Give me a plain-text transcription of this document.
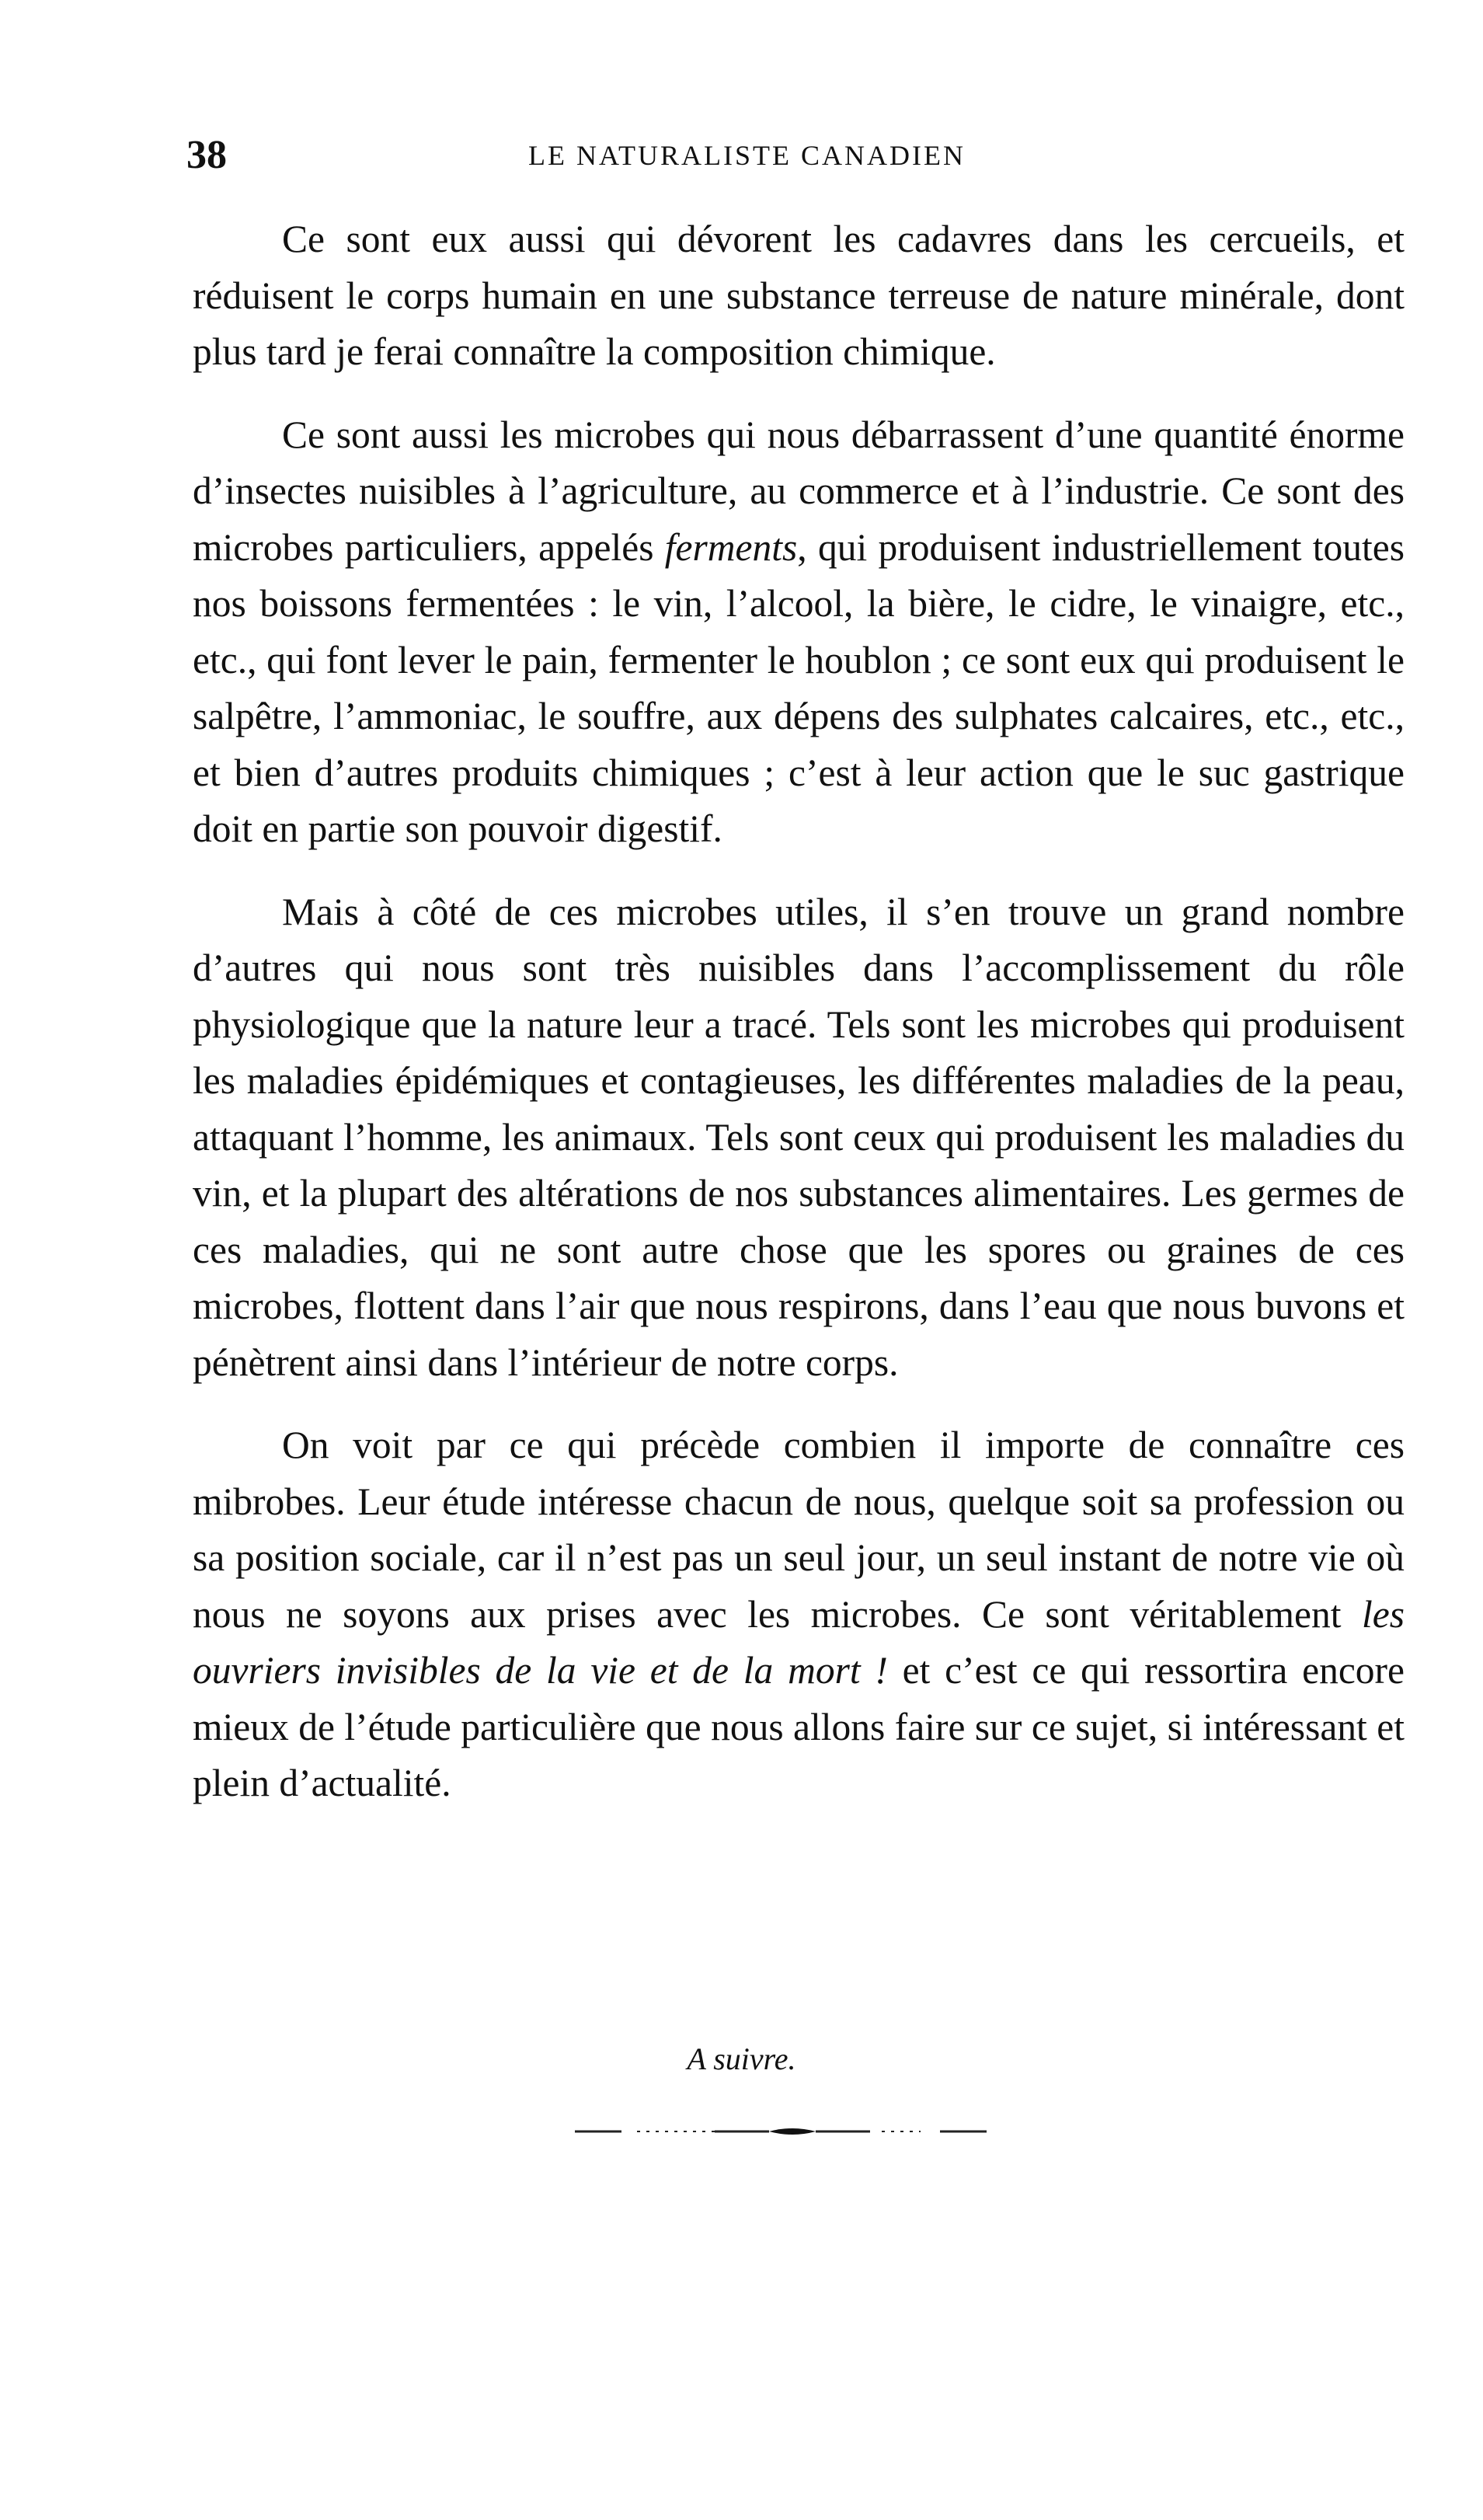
38	LE NATURALISTE CANADIEN

Ce sont eux aussi qui dévorent les cadavres dans les cercueils, et réduisent le corps humain en une substance terreuse de nature minérale, dont plus tard je ferai connaître la composition chimique.

Ce sont aussi les microbes qui nous débarrassent d’une quantité énorme d’insectes nuisibles à l’agriculture, au commerce et à l’industrie. Ce sont des microbes particuliers, appelés ferments, qui produisent industriellement toutes nos boissons fermentées : le vin, l’alcool, la bière, le cidre, le vinaigre, etc., etc., qui font lever le pain, fermenter le houblon ; ce sont eux qui produisent le salpêtre, l’ammoniac, le souffre, aux dépens des sulphates calcaires, etc., etc., et bien d’autres produits chimiques ; c’est à leur action que le suc gastrique doit en partie son pouvoir digestif.

Mais à côté de ces microbes utiles, il s’en trouve un grand nombre d’autres qui nous sont très nuisibles dans l’accomplissement du rôle physiologique que la nature leur a tracé. Tels sont les microbes qui produisent les maladies épidémiques et contagieuses, les différentes maladies de la peau, attaquant l’homme, les animaux. Tels sont ceux qui produisent les maladies du vin, et la plupart des altérations de nos substances alimentaires. Les germes de ces maladies, qui ne sont autre chose que les spores ou graines de ces microbes, flottent dans l’air que nous respirons, dans l’eau que nous buvons et pénètrent ainsi dans l’intérieur de notre corps.

On voit par ce qui précède combien il importe de connaître ces mibrobes. Leur étude intéresse chacun de nous, quelque soit sa profession ou sa position sociale, car il n’est pas un seul jour, un seul instant de notre vie où nous ne soyons aux prises avec les microbes. Ce sont véritablement les ouvriers invisibles de la vie et de la mort ! et c’est ce qui ressortira encore mieux de l’étude particulière que nous allons faire sur ce sujet, si intéressant et plein d’actualité.

A suivre.
